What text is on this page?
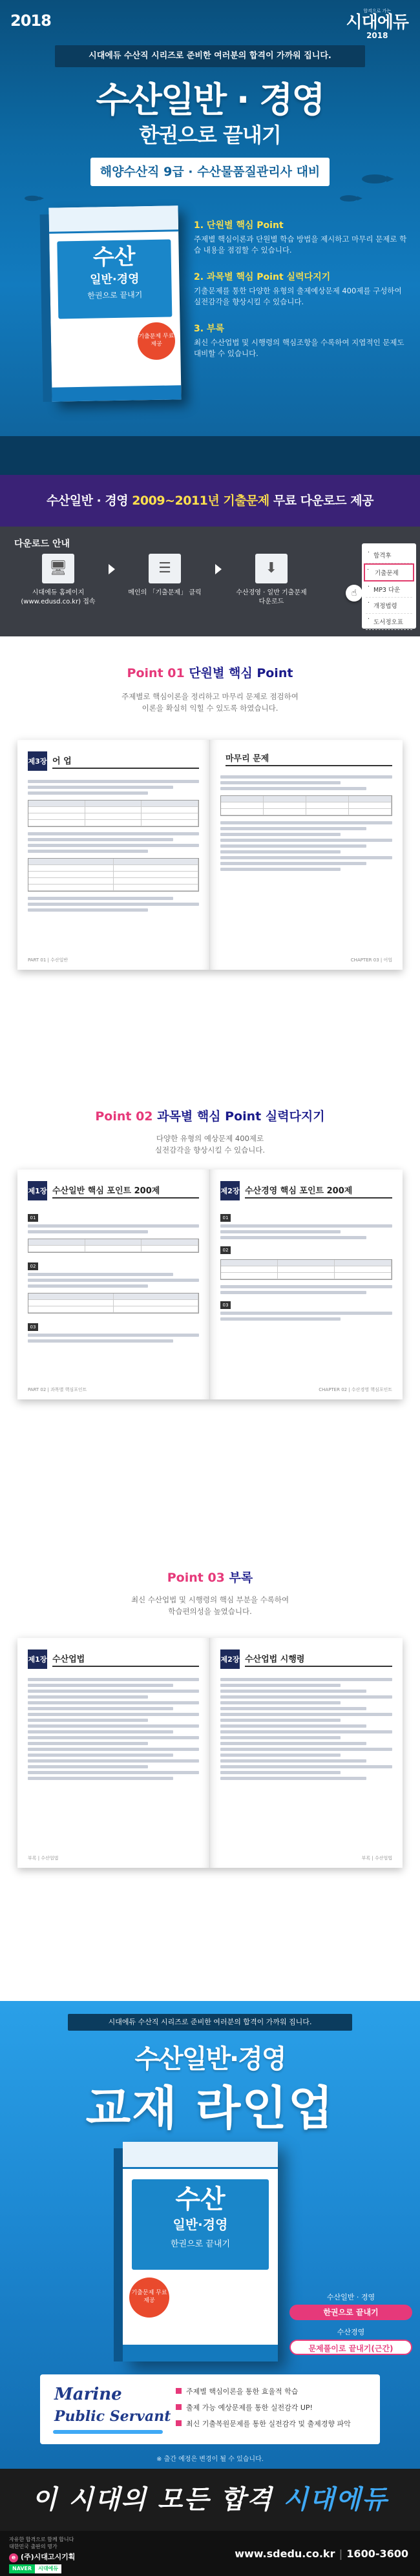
2018
합격으로 가는
시대에듀
2018
시대에듀 수산직 시리즈로 준비한 여러분의 합격이 가까워 집니다.
수산일반 · 경영
한권으로 끝내기
해양수산직 9급 · 수산물품질관리사 대비
수산
일반·경영
한권으로 끝내기
기출문제 무료제공
1. 단원별 핵심 Point
주제별 핵심이론과 단원별 학습 방법을 제시하고 마무리 문제로 학습 내용을 점검할 수 있습니다.
2. 과목별 핵심 Point 실력다지기
기출문제를 통한 다양한 유형의 출제예상문제 400제를 구성하여 실전감각을 향상시킬 수 있습니다.
3. 부록
최신 수산업법 및 시행령의 핵심조항을 수록하여 지엽적인 문제도 대비할 수 있습니다.
수산일반 · 경영 2009~2011년 기출문제 무료 다운로드 제공
다운로드 안내
🖥
시대에듀 홈페이지 (www.edusd.co.kr) 접속
☰
메인의 「기출문제」 클릭
⬇
수산경영 · 일반 기출문제 다운로드
☝
· 합격후
· 기출문제
· MP3 다운
· 개정법령
· 도서정오표
Point 01 단원별 핵심 Point
주제별로 핵심이론을 정리하고 마무리 문제로 점검하여
이론을 확실히 익힐 수 있도록 하였습니다.
제3장 어 업
PART 01 | 수산일반
마무리 문제
CHAPTER 03 | 어업
Point 02 과목별 핵심 Point 실력다지기
다양한 유형의 예상문제 400제로
실전감각을 향상시킬 수 있습니다.
제1장 수산일반 핵심 포인트 200제
01
02
03
PART 02 | 과목별 핵심포인트
제2장 수산경영 핵심 포인트 200제
01
02
03
CHAPTER 02 | 수산경영 핵심포인트
Point 03 부록
최신 수산업법 및 시행령의 핵심 부분을 수록하여
학습편의성을 높였습니다.
제1장 수산업법
부록 | 수산업법
제2장 수산업법 시행령
부록 | 수산업법
시대에듀 수산직 시리즈로 준비한 여러분의 합격이 가까워 집니다.
수산일반·경영
교재 라인업
수산
일반·경영
한권으로 끝내기
기출문제 무료제공	수산일반 · 경영
한권으로 끝내기
수산경영
문제풀이로 끝내기(근간)
Marine
Public Servant
주제별 핵심이론을 통한 효율적 학습
출제 가능 예상문제를 통한 실전감각 UP!
최신 기출복원문제를 통한 실전감각 및 출제경향 파악
※ 출간 예정은 변경이 될 수 있습니다.
이 시대의 모든 합격 시대에듀
자유한 합격으로 함께 합니다
대한민국 출판의 명가
e (주)시대고시기획
NAVER	시대에듀
www.sdedu.co.kr | 1600-3600
